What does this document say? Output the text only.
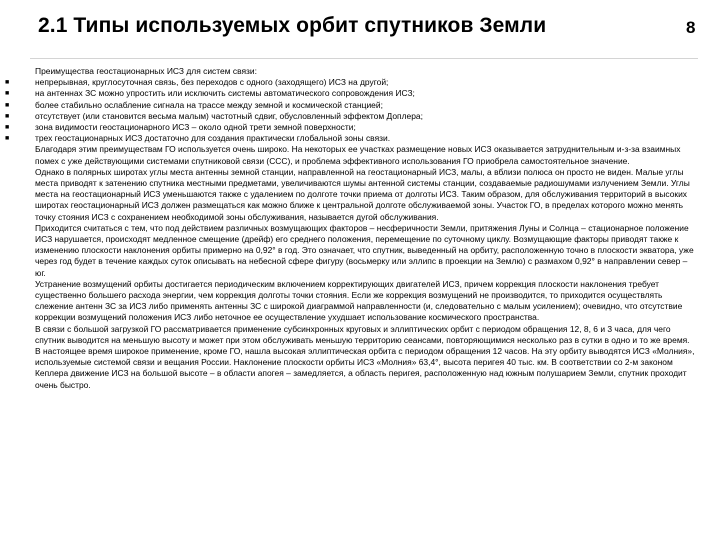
2.1 Типы используемых орбит спутников Земли	8
Преимущества геостационарных ИСЗ для систем связи:
■	непрерывная, круглосуточная связь, без переходов с одного (заходящего) ИСЗ на другой;
■	на антеннах ЗС можно упростить или исключить системы автоматического сопровождения ИСЗ;
■	более стабильно ослабление сигнала на трассе между земной и космической станцией;
■	отсутствует (или становится весьма малым) частотный сдвиг, обусловленный эффектом Доплера;
■	зона видимости геостационарного ИСЗ – около одной трети земной поверхности;
■	трех геостационарных ИСЗ достаточно для создания практически глобальной зоны связи.
Благодаря этим преимуществам ГО используется очень широко. На некоторых ее участках размещение новых ИСЗ оказывается затруднительным и-з-за взаимных помех с уже действующими системами спутниковой связи (ССС), и проблема эффективного использования ГО приобрела самостоятельное значение.
Однако в полярных широтах углы места антенны земной станции, направленной на геостационарный ИСЗ, малы, а вблизи полюса он просто не виден. Малые углы места приводят к затенению спутника местными предметами, увеличиваются шумы антенной системы станции, создаваемые радиошумами излучением Земли. Углы места на геостационарный ИСЗ уменьшаются также с удалением по долготе точки приема от долготы ИСЗ. Таким образом, для обслуживания территорий в высоких широтах геостационарный ИСЗ должен размещаться как можно ближе к центральной долготе обслуживаемой зоны. Участок ГО, в пределах которого можно менять точку стояния ИСЗ с сохранением необходимой зоны обслуживания, называется дугой обслуживания.
Приходится считаться с тем, что под действием различных возмущающих факторов – несферичности Земли, притяжения Луны и Солнца – стационарное положение ИСЗ нарушается, происходят медленное смещение (дрейф) его среднего положения, перемещение по суточному циклу. Возмущающие факторы приводят также к изменению плоскости наклонения орбиты примерно на 0,92° в год. Это означает, что спутник, выведенный на орбиту, расположенную точно в плоскости экватора, уже через год будет в течение каждых суток описывать на небесной сфере фигуру (восьмерку или эллипс в проекции на Землю) с размахом 0,92° в направлении север – юг.
Устранение возмущений орбиты достигается периодическим включением корректирующих двигателей ИСЗ, причем коррекция плоскости наклонения требует существенно большего расхода энергии, чем коррекция долготы точки стояния. Если же коррекция возмущений не производится, то приходится осуществлять слежение антенн ЗС за ИСЗ либо применять антенны ЗС с широкой диаграммой направленности (и, следовательно с малым усилением); очевидно, что отсутствие коррекции возмущений положения ИСЗ либо неточное ее осуществление ухудшает использование космического пространства.
В связи с большой загрузкой ГО рассматривается применение субсинхронных круговых и эллиптических орбит с периодом обращения 12, 8, 6 и 3 часа, для чего спутник выводится на меньшую высоту и может при этом обслуживать меньшую территорию сеансами, повторяющимися несколько раз в сутки в одно и то же время.
В настоящее время широкое применение, кроме ГО, нашла высокая эллиптическая орбита с периодом обращения 12 часов. На эту орбиту выводятся ИСЗ «Молния», используемые системой связи и вещания России. Наклонение плоскости орбиты ИСЗ «Молния» 63,4°, высота перигея 40 тыс. км. В соответствии со 2-м законом Кеплера движение ИСЗ на большой высоте – в области апогея – замедляется, а область перигея, расположенную над южным полушарием Земли, спутник проходит очень быстро.
